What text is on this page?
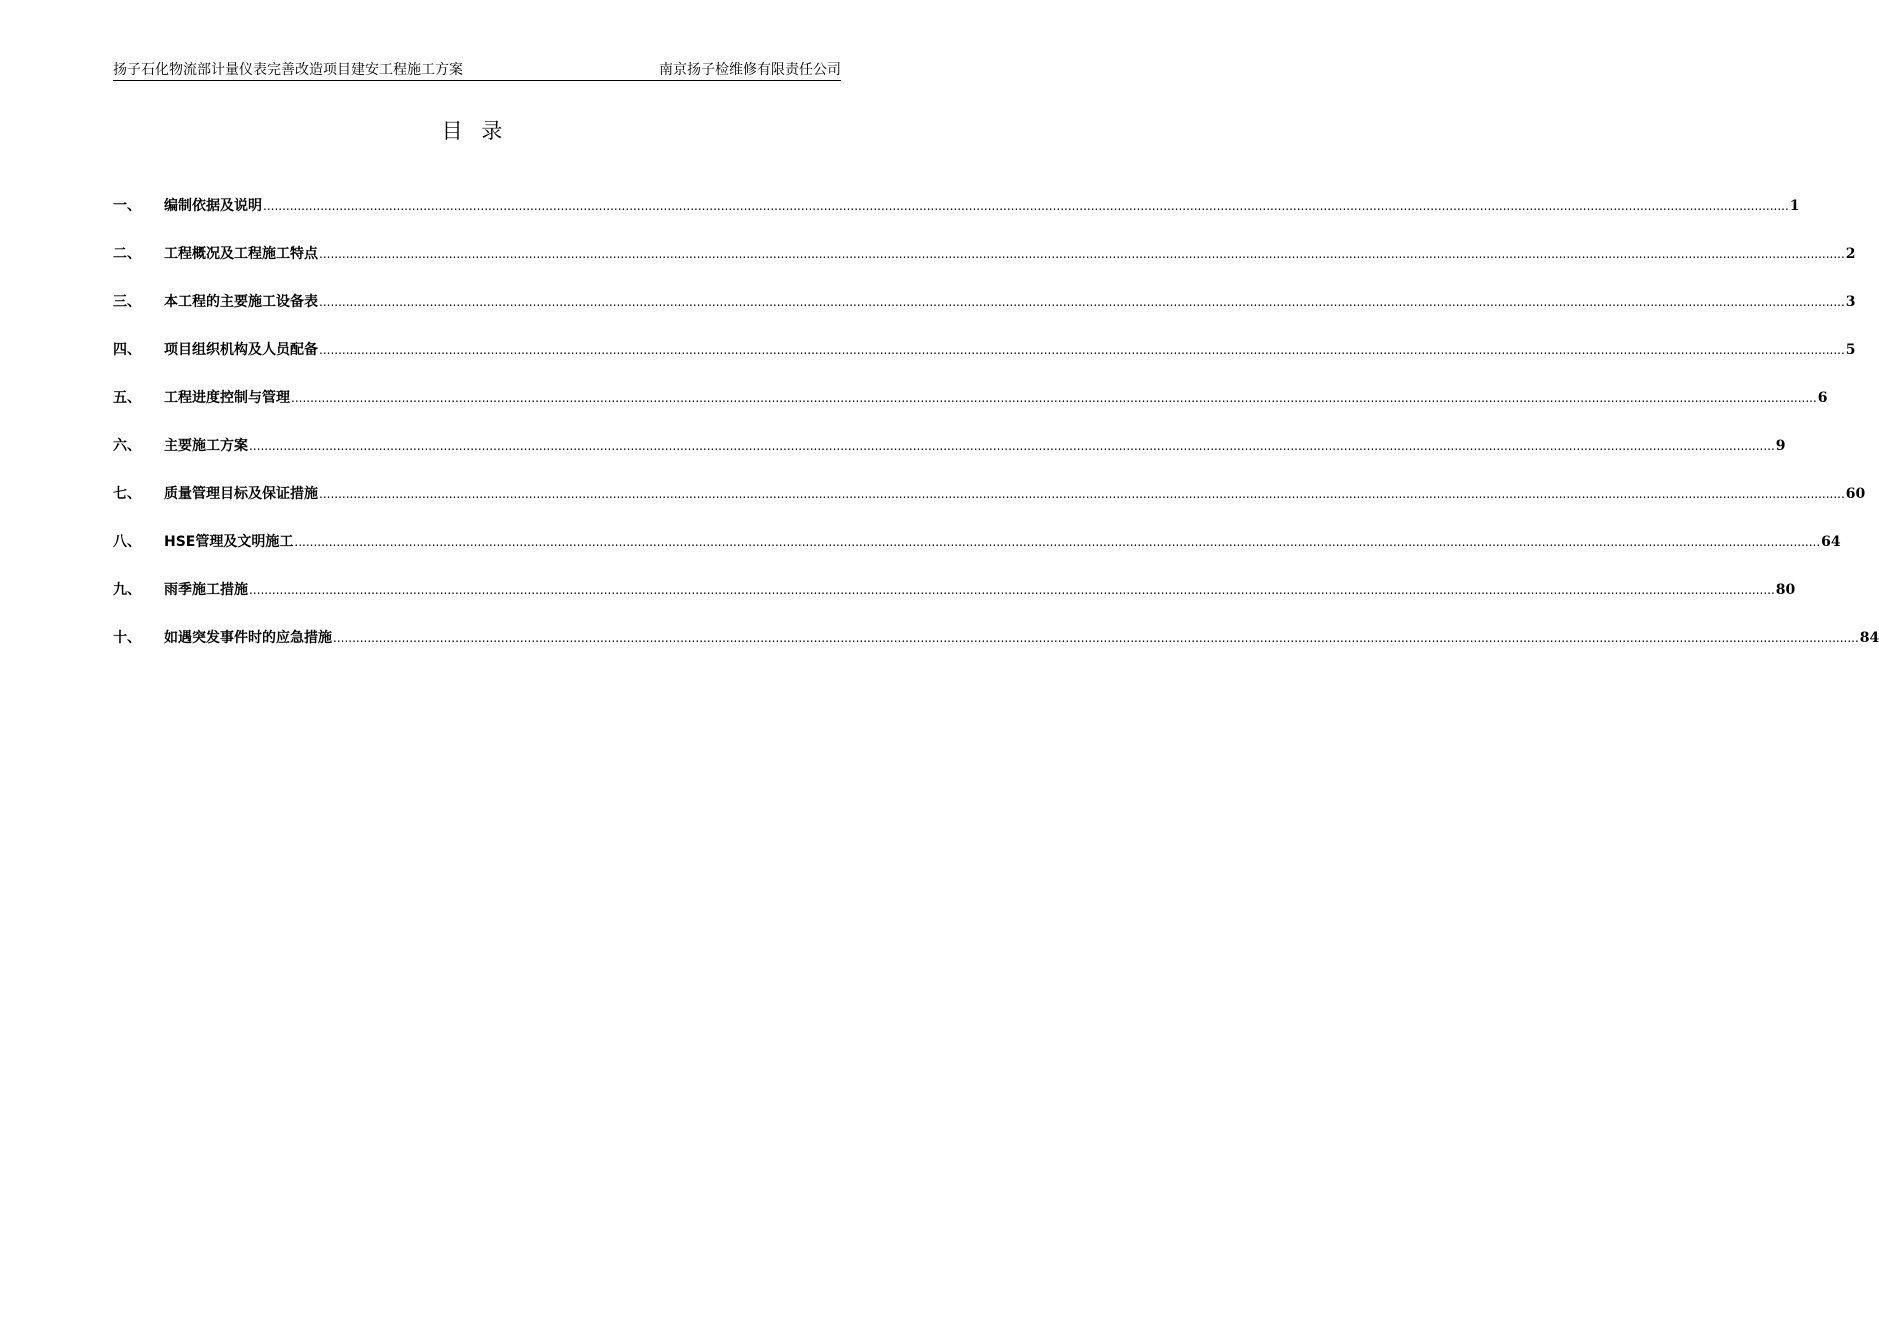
扬子石化物流部计量仪表完善改造项目建安工程施工方案	南京扬子检维修有限责任公司
目 录
一、	编制依据及说明 ................................................................................................................................................................................................................................................................................................................................................................................................................ 1
二、	工程概况及工程施工特点 ................................................................................................................................................................................................................................................................................................................................................................................................................ 2
三、	本工程的主要施工设备表 ................................................................................................................................................................................................................................................................................................................................................................................................................ 3
四、	项目组织机构及人员配备 ................................................................................................................................................................................................................................................................................................................................................................................................................ 5
五、	工程进度控制与管理 ................................................................................................................................................................................................................................................................................................................................................................................................................ 6
六、	主要施工方案 ................................................................................................................................................................................................................................................................................................................................................................................................................ 9
七、	质量管理目标及保证措施 ................................................................................................................................................................................................................................................................................................................................................................................................................ 60
八、	HSE管理及文明施工 ................................................................................................................................................................................................................................................................................................................................................................................................................ 64
九、	雨季施工措施 ................................................................................................................................................................................................................................................................................................................................................................................................................ 80
十、	如遇突发事件时的应急措施 ................................................................................................................................................................................................................................................................................................................................................................................................................ 84
